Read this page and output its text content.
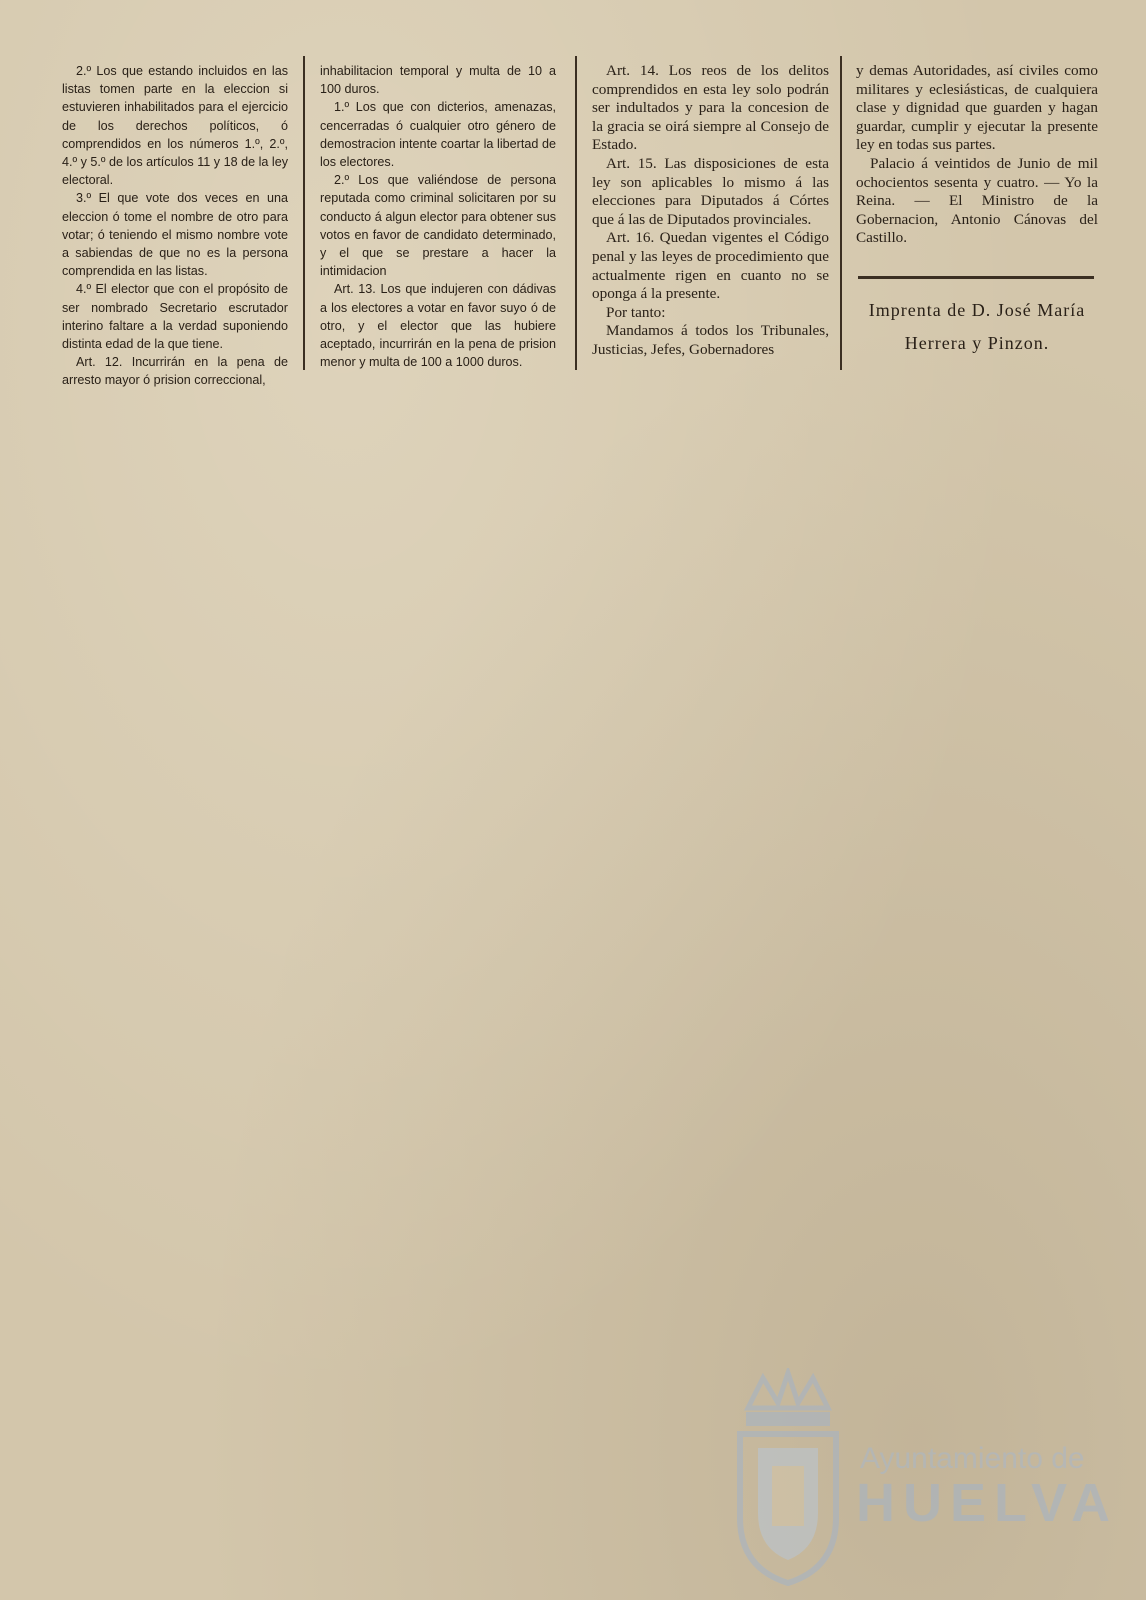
2.º Los que estando incluidos en las listas tomen parte en la eleccion si estuvieren inhabilitados para el ejercicio de los derechos políticos, ó comprendidos en los números 1.º, 2.º, 4.º y 5.º de los artículos 11 y 18 de la ley electoral.

3.º El que vote dos veces en una eleccion ó tome el nombre de otro para votar; ó teniendo el mismo nombre vote a sabiendas de que no es la persona comprendida en las listas.

4.º El elector que con el propósito de ser nombrado Secretario escrutador interino faltare a la verdad suponiendo distinta edad de la que tiene.

Art. 12. Incurrirán en la pena de arresto mayor ó prision correccional,

inhabilitacion temporal y multa de 10 a 100 duros.

1.º Los que con dicterios, amenazas, cencerradas ó cualquier otro género de demostracion intente coartar la libertad de los electores.

2.º Los que valiéndose de persona reputada como criminal solicitaren por su conducto á algun elector para obtener sus votos en favor de candidato determinado, y el que se prestare a hacer la intimidacion

Art. 13. Los que indujeren con dádivas a los electores a votar en favor suyo ó de otro, y el elector que las hubiere aceptado, incurrirán en la pena de prision menor y multa de 100 a 1000 duros.

Art. 14. Los reos de los delitos comprendidos en esta ley solo podrán ser indultados y para la concesion de la gracia se oirá siempre al Consejo de Estado.

Art. 15. Las disposiciones de esta ley son aplicables lo mismo á las elecciones para Diputados á Córtes que á las de Diputados provinciales.

Art. 16. Quedan vigentes el Código penal y las leyes de procedimiento que actualmente rigen en cuanto no se oponga á la presente.

Por tanto:

Mandamos á todos los Tribunales, Justicias, Jefes, Gobernadores

y demas Autoridades, así civiles como militares y eclesiásticas, de cualquiera clase y dignidad que guarden y hagan guardar, cumplir y ejecutar la presente ley en todas sus partes.

Palacio á veintidos de Junio de mil ochocientos sesenta y cuatro. — Yo la Reina. — El Ministro de la Gobernacion, Antonio Cánovas del Castillo.

Imprenta de D. José María
Herrera y Pinzon.
Ayuntamiento de
HUELVA
